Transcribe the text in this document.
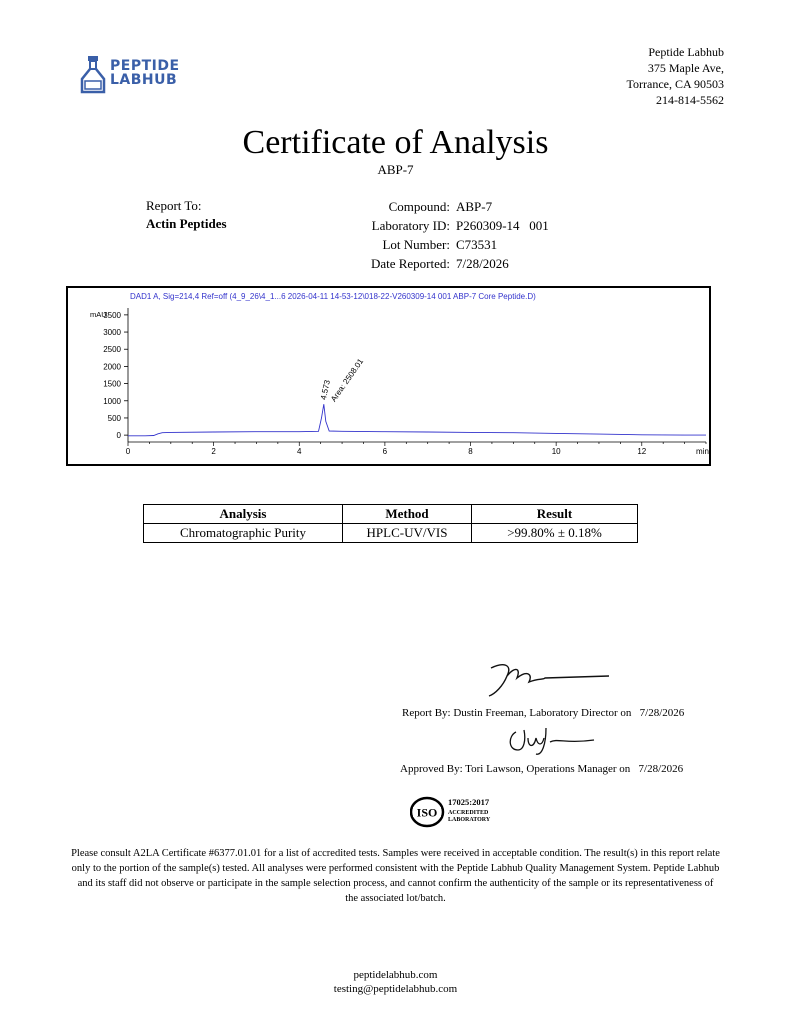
PEPTIDE
LABHUB
Peptide Labhub
375 Maple Ave,
Torrance, CA 90503
214-814-5562
Certificate of Analysis
ABP-7
Report To:
Actin Peptides
Compound: ABP-7
Laboratory ID: P260309-14   001
Lot Number: C73531
Date Reported: 7/28/2026
DAD1 A, Sig=214,4 Ref=off (4_9_26\4_1...6 2026-04-11 14-53-12\018-22-V260309-14 001 ABP-7 Core Peptide.D)
mAU
0
500
1000
1500
2000
2500
3000
3500
0	2	4	6	8	10	12	min
4.573
Area: 2508.01
Analysis	Method	Result
Chromatographic Purity	HPLC-UV/VIS	>99.80% ± 0.18%
Report By: Dustin Freeman, Laboratory Director on 7/28/2026
Approved By: Tori Lawson, Operations Manager on 7/28/2026
ISO
17025:2017
ACCREDITED
LABORATORY
Please consult A2LA Certificate #6377.01.01 for a list of accredited tests. Samples were received in acceptable condition. The result(s) in this report relate only to the portion of the sample(s) tested. All analyses were performed consistent with the Peptide Labhub Quality Management System. Peptide Labhub and its staff did not observe or participate in the sample selection process, and cannot confirm the authenticity of the sample or its representativeness of the associated lot/batch.
peptidelabhub.com
testing@peptidelabhub.com
